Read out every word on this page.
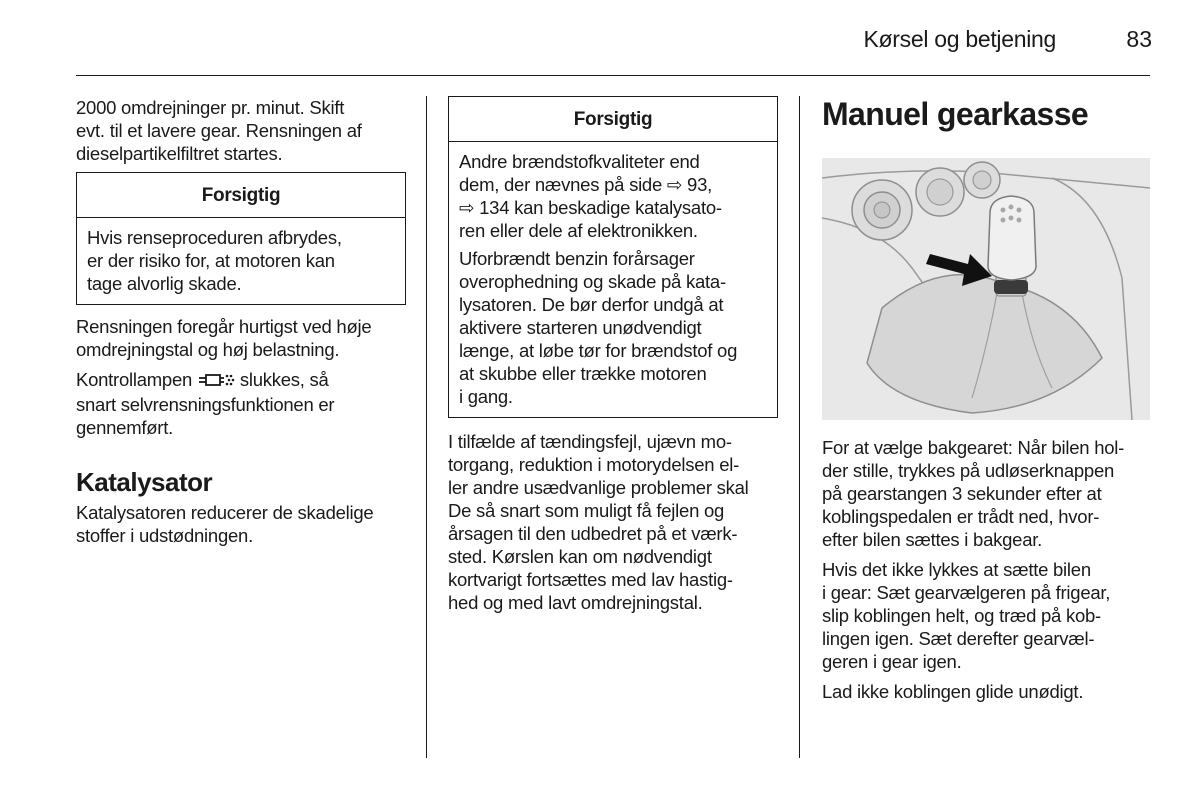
Kørsel og betjening	83

2000 omdrejninger pr. minut. Skift
evt. til et lavere gear. Rensningen af
dieselpartikelfiltret startes.

Forsigtig

Hvis renseproceduren afbrydes,
er der risiko for, at motoren kan
tage alvorlig skade.

Rensningen foregår hurtigst ved høje
omdrejningstal og høj belastning.

Kontrollampen  slukkes, så
snart selvrensningsfunktionen er
gennemført.

Katalysator

Katalysatoren reducerer de skadelige
stoffer i udstødningen.

Forsigtig

Andre brændstofkvaliteter end
dem, der nævnes på side ⇨ 93,
⇨ 134 kan beskadige katalysato-
ren eller dele af elektronikken.

Uforbrændt benzin forårsager
overophedning og skade på kata-
lysatoren. De bør derfor undgå at
aktivere starteren unødvendigt
længe, at løbe tør for brændstof og
at skubbe eller trække motoren
i gang.

I tilfælde af tændingsfejl, ujævn mo-
torgang, reduktion i motorydelsen el-
ler andre usædvanlige problemer skal
De så snart som muligt få fejlen og
årsagen til den udbedret på et værk-
sted. Kørslen kan om nødvendigt
kortvarigt fortsættes med lav hastig-
hed og med lavt omdrejningstal.

Manuel gearkasse

For at vælge bakgearet: Når bilen hol-
der stille, trykkes på udløserknappen
på gearstangen 3 sekunder efter at
koblingspedalen er trådt ned, hvor-
efter bilen sættes i bakgear.

Hvis det ikke lykkes at sætte bilen
i gear: Sæt gearvælgeren på frigear,
slip koblingen helt, og træd på kob-
lingen igen. Sæt derefter gearvæl-
geren i gear igen.

Lad ikke koblingen glide unødigt.
